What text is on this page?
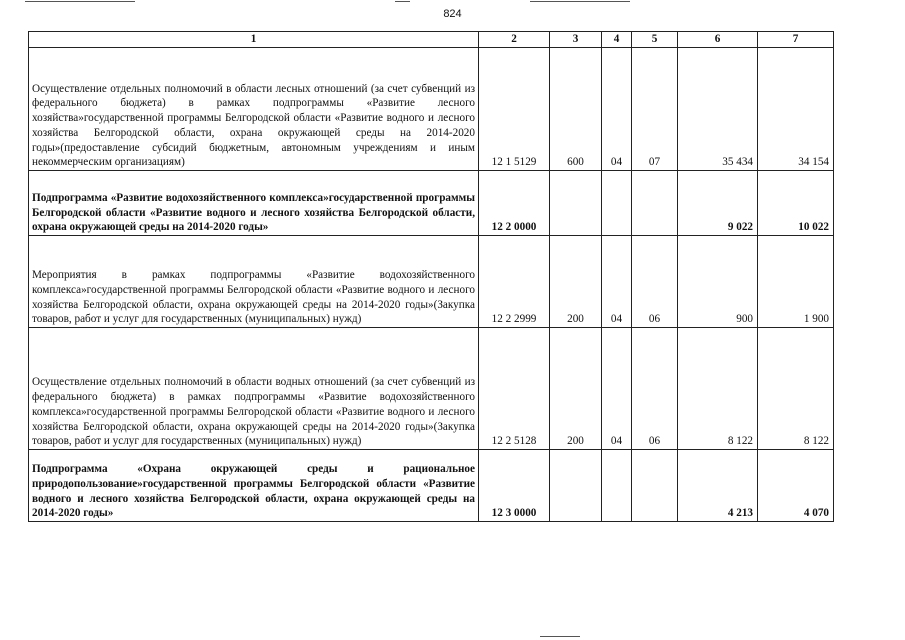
824
1	2	3	4	5	6	7
Осуществление отдельных полномочий в области лесных отношений (за счет субвенций из федерального бюджета) в рамках подпрограммы «Развитие лесного хозяйства»государственной программы Белгородской области «Развитие водного и лесного хозяйства Белгородской области, охрана окружающей среды на 2014-2020 годы»(предоставление субсидий бюджетным, автономным учреждениям и иным некоммерческим организациям)	12 1 5129	600	04	07	35 434	34 154
Подпрограмма «Развитие водохозяйственного комплекса»государственной программы Белгородской области «Развитие водного и лесного хозяйства Белгородской области, охрана окружающей среды на 2014-2020 годы»	12 2 0000				9 022	10 022
Мероприятия в рамках подпрограммы «Развитие водохозяйственного комплекса»государственной программы Белгородской области «Развитие водного и лесного хозяйства Белгородской области, охрана окружающей среды на 2014-2020 годы»(Закупка товаров, работ и услуг для государственных (муниципальных) нужд)	12 2 2999	200	04	06	900	1 900
Осуществление отдельных полномочий в области водных отношений (за счет субвенций из федерального бюджета) в рамках подпрограммы «Развитие водохозяйственного комплекса»государственной программы Белгородской области «Развитие водного и лесного хозяйства Белгородской области, охрана окружающей среды на 2014-2020 годы»(Закупка товаров, работ и услуг для государственных (муниципальных) нужд)	12 2 5128	200	04	06	8 122	8 122
Подпрограмма «Охрана окружающей среды и рациональное природопользование»государственной программы Белгородской области «Развитие водного и лесного хозяйства Белгородской области, охрана окружающей среды на 2014-2020 годы»	12 3 0000				4 213	4 070
